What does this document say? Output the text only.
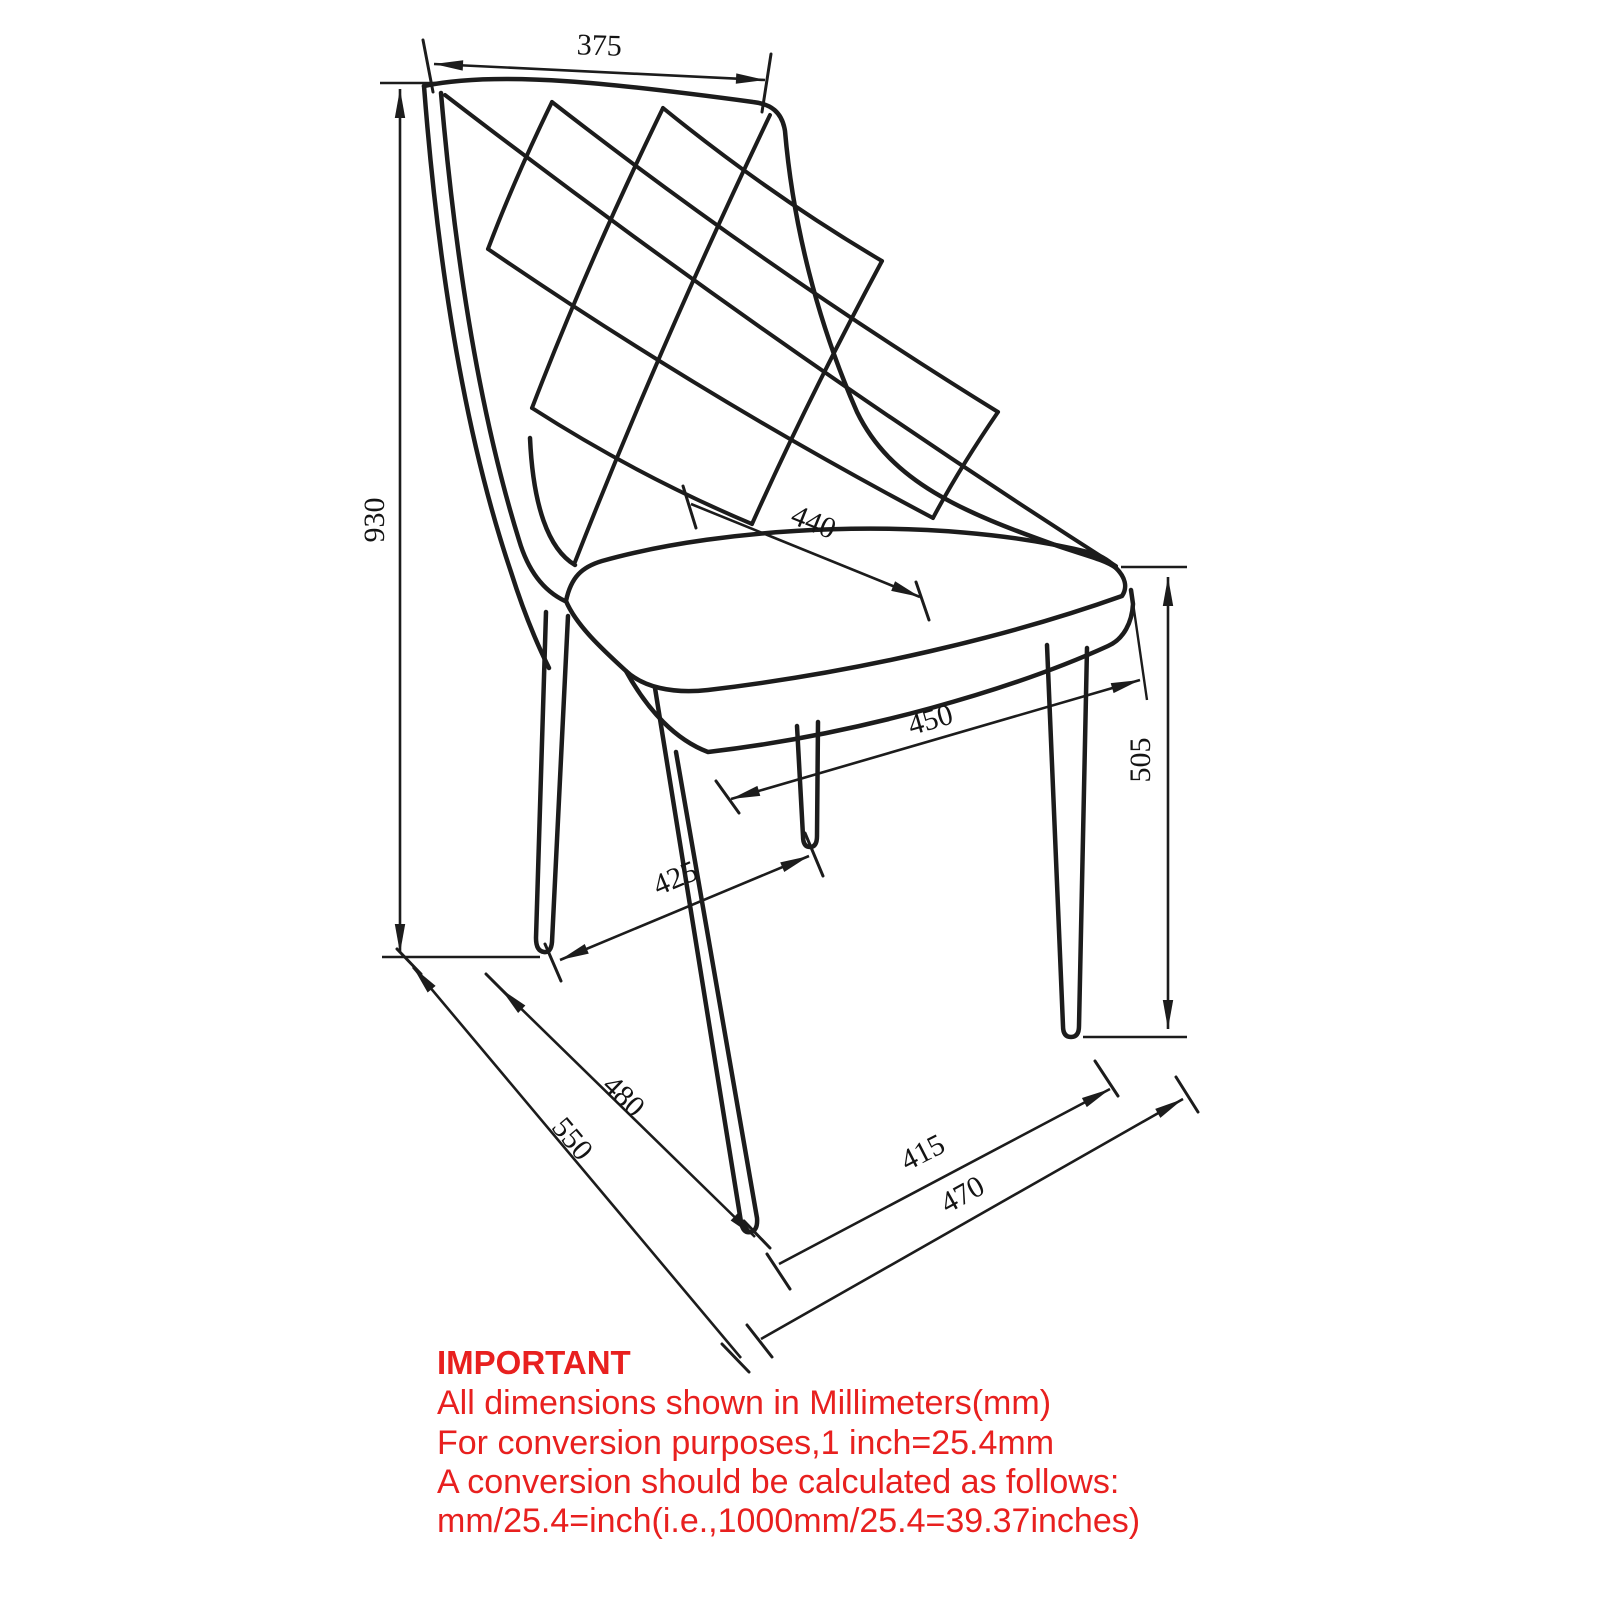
375
930	440
450
505
425
550
480
415
470
IMPORTANT
All dimensions shown in Millimeters(mm)
For conversion purposes,1 inch=25.4mm
A conversion should be calculated as follows:
mm/25.4=inch(i.e.,1000mm/25.4=39.37inches)
